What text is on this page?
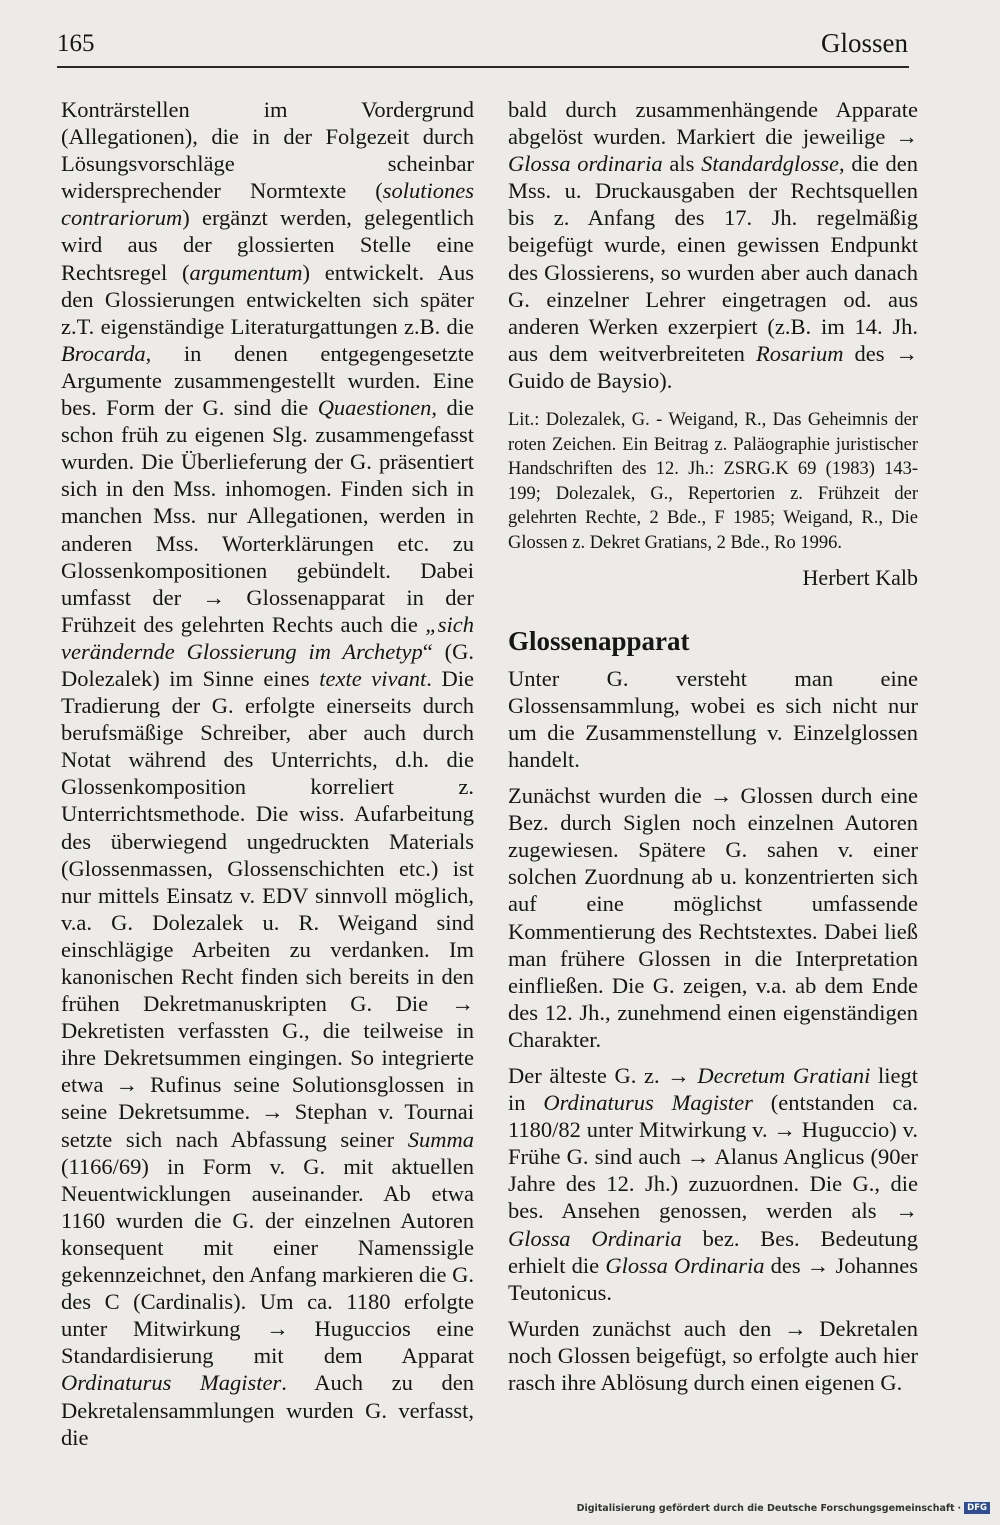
165	Glossen

Konträrstellen im Vordergrund (Allegationen), die in der Folgezeit durch Lösungsvorschläge scheinbar widersprechender Normtexte (solutiones contrariorum) ergänzt werden, gelegentlich wird aus der glossierten Stelle eine Rechtsregel (argumentum) entwickelt. Aus den Glossierungen entwickelten sich später z.T. eigenständige Literaturgattungen z.B. die Brocarda, in denen entgegengesetzte Argumente zusammengestellt wurden. Eine bes. Form der G. sind die Quaestionen, die schon früh zu eigenen Slg. zusammengefasst wurden. Die Überlieferung der G. präsentiert sich in den Mss. inhomogen. Finden sich in manchen Mss. nur Allegationen, werden in anderen Mss. Worterklärungen etc. zu Glossenkompositionen gebündelt. Dabei umfasst der → Glossenapparat in der Frühzeit des gelehrten Rechts auch die „sich verändernde Glossierung im Archetyp“ (G. Dolezalek) im Sinne eines texte vivant. Die Tradierung der G. erfolgte einerseits durch berufsmäßige Schreiber, aber auch durch Notat während des Unterrichts, d.h. die Glossenkomposition korreliert z. Unterrichtsmethode. Die wiss. Aufarbeitung des überwiegend ungedruckten Materials (Glossenmassen, Glossenschichten etc.) ist nur mittels Einsatz v. EDV sinnvoll möglich, v.a. G. Dolezalek u. R. Weigand sind einschlägige Arbeiten zu verdanken. Im kanonischen Recht finden sich bereits in den frühen Dekretmanuskripten G. Die → Dekretisten verfassten G., die teilweise in ihre Dekretsummen eingingen. So integrierte etwa → Rufinus seine Solutionsglossen in seine Dekretsumme. → Stephan v. Tournai setzte sich nach Abfassung seiner Summa (1166/69) in Form v. G. mit aktuellen Neuentwicklungen auseinander. Ab etwa 1160 wurden die G. der einzelnen Autoren konsequent mit einer Namenssigle gekennzeichnet, den Anfang markieren die G. des C (Cardinalis). Um ca. 1180 erfolgte unter Mitwirkung → Huguccios eine Standardisierung mit dem Apparat Ordinaturus Magister. Auch zu den Dekretalensammlungen wurden G. verfasst, die

bald durch zusammenhängende Apparate abgelöst wurden. Markiert die jeweilige → Glossa ordinaria als Standardglosse, die den Mss. u. Druckausgaben der Rechtsquellen bis z. Anfang des 17. Jh. regelmäßig beigefügt wurde, einen gewissen Endpunkt des Glossierens, so wurden aber auch danach G. einzelner Lehrer eingetragen od. aus anderen Werken exzerpiert (z.B. im 14. Jh. aus dem weitverbreiteten Rosarium des → Guido de Baysio).

Lit.: Dolezalek, G. - Weigand, R., Das Geheimnis der roten Zeichen. Ein Beitrag z. Paläographie juristischer Handschriften des 12. Jh.: ZSRG.K 69 (1983) 143-199; Dolezalek, G., Repertorien z. Frühzeit der gelehrten Rechte, 2 Bde., F 1985; Weigand, R., Die Glossen z. Dekret Gratians, 2 Bde., Ro 1996.

Herbert Kalb

Glossenapparat

Unter G. versteht man eine Glossensammlung, wobei es sich nicht nur um die Zusammenstellung v. Einzelglossen handelt.

Zunächst wurden die → Glossen durch eine Bez. durch Siglen noch einzelnen Autoren zugewiesen. Spätere G. sahen v. einer solchen Zuordnung ab u. konzentrierten sich auf eine möglichst umfassende Kommentierung des Rechtstextes. Dabei ließ man frühere Glossen in die Interpretation einfließen. Die G. zeigen, v.a. ab dem Ende des 12. Jh., zunehmend einen eigenständigen Charakter.

Der älteste G. z. → Decretum Gratiani liegt in Ordinaturus Magister (entstanden ca. 1180/82 unter Mitwirkung v. → Huguccio) v. Frühe G. sind auch → Alanus Anglicus (90er Jahre des 12. Jh.) zuzuordnen. Die G., die bes. Ansehen genossen, werden als → Glossa Ordinaria bez. Bes. Bedeutung erhielt die Glossa Ordinaria des → Johannes Teutonicus.

Wurden zunächst auch den → Dekretalen noch Glossen beigefügt, so erfolgte auch hier rasch ihre Ablösung durch einen eigenen G.

Digitalisierung gefördert durch die Deutsche Forschungsgemeinschaft · DFG
